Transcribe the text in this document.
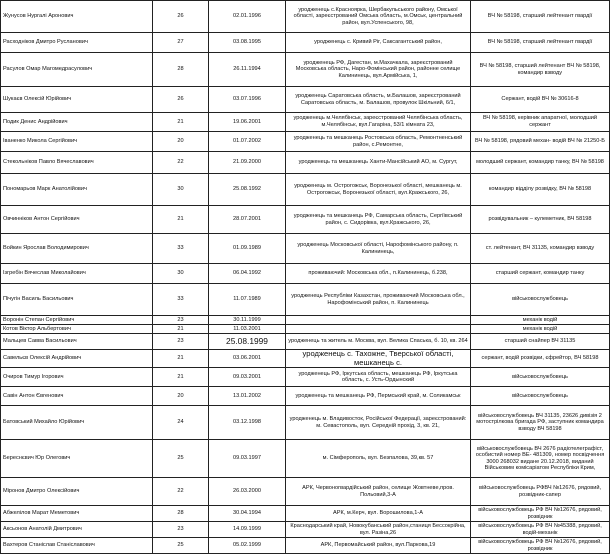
Жунусов Нургалі Аронович	26	02.01.1996	уродженець с.Красноярка, Шербакульського району, Омської області, зареєстрований Омська область, м.Омськ, центральний район, вул.Успенського, 98,	ВЧ № 58198, старший лейтенант гвардії
Расходніков Дмитро Русланович	27	03.08.1995	уродженець с. Кривий Ріг, Саксагантський район,	ВЧ № 58198, старший лейтенант гвардії
Расулов Омар Магомедрасулович	28	26.11.1994	уродженець РФ, Дагестан, м.Махачкала, зареєстрований Московська область, Наро-Фомінський район, районне селище Калининець, вул.Армійська, 1,	ВЧ № 58198, старший лейтенант ВЧ № 58198, командир взводу
Шукаєв Олексій Юрійович	26	03.07.1996	уродженець Саратовська область, м.Балашов, зареєстрований Саратовська область, м. Балашов, провулок Шкільний, 6/1,	Сержант, водій ВЧ № 30616-8
Подик Денис Андрійович	21	19.06.2001	уродженець м.Челябінськ, зареєстрований Челябінська область, м.Челябінськ, вул.Гагаріна, 53/1 кімната 23,	ВЧ № 58198, керівник апаратної, молодший сержант
Іваненко Микола Сергійович	20	01.07.2002	уродженець та мешканець Ростовська область, Ремонтненський район, с.Ремонтне,	ВЧ № 58198, рядовий механ- водій ВЧ № 21250-Б
Стекольніков Павло Вячеславович	22	21.09.2000	уродженець та мешканець Ханти-Мансійський АО, м. Сургут,	молодший сержант, командир танку, ВЧ № 58198
Пономарьов Марк Анатолійович	30	25.08.1992	уродженець м. Острогожськ, Воронезької області, мешканець м. Острогожськ, Воронезької області, вул.Кражського, 26,	командир відділу розвідку, ВЧ № 58198
Овчинніков Антон Сергійович	21	28.07.2001	уродженець та мешканець РФ, Самарська область, Сергіївський район, с. Сидорівка, вул.Кражського, 26,	розвідувальник – кулеметник, ВЧ 58198
Войкин Ярослав Володимирович	33	01.09.1989	уродженець Московської області, Нарофомінського району, п. Калининець,	ст. лейтенант, ВЧ 31135, командир взводу
Ізгребін Вячеслав Миколайович	30	06.04.1992	проживаючий: Московська обл., п.Калининець, б.238,	старший сержант, командир танку
Пічугін Василь Васильович	33	11.07.1989	уродженець Республіки Казахстан, проживаючий Московська обл., Нарофомінський район, п. Калининець	військовослужбовець
Воронін Степан Сергійович	23	30.11.1999		механік водій
Котов Віктор Альбертович	21	11.03.2001		механік водій
Мальцев Савва Васильович	23	25.08.1999	уродженець та житель м. Москва, вул. Велика Спаська, б. 10, кв. 264	старший снайпер ВЧ 31135
Савельєв Олексій Андрійович	21	03.06.2001	уродженець с. Тахожне, Тверської області, мешканець с.	сержант, водій розвідки, єфрейтор, ВЧ 58198
Очиров Тимур Ігорович	21	09.03.2001	уродженець РФ, Іркутська область, мешканець РФ, Іркутська область, с. Усть-Ордынский	військовослужбовець
Савін Антон Євгенович	20	13.01.2002	уродженець та мешканець РФ, Пермський край, м. Соликамськ	військовослужбовець
Батовський Михайло Юрійович	24	03.12.1998	уродженець м. Владивосток, Російської Федерації, зареєстрований: м. Севастополь, вул. Середній прохід, 3, кв. 21,	військовослужбовець ВЧ 31135, 23626 дивізія 2 мотострілкова бригада РФ, заступник командира взводу ВЧ 58198
Береснєвич Юр Олегович	25	09.03.1997	м. Сімферополь, вул. Безпалова, 39,кв. 57	військовослужбовець ВЧ 2676 радіотелеграфіст, особистий номер ВЕ- 481309, номер посвідчення 3000 268032 видане 20.12.2018, виданий Військовим комісаріатом Республіки Крим,
Міронов Дмитро Олексійович	22	26.03.2000	АРК, Червоногвардійський район, селище Жовтневе,пров. Польовий,3-А	військовослужбовець РФВЧ №12676, рядовий, розвідник-сапер
Абжелілов Марат Меметович	28	30.04.1994	АРК, м.Керч, вул. Ворошилова,1-А	військовослужбовець РФ ВЧ №12676, рядовий, розвідник
Аксьонов Анатолій Дмитрович	23	14.09.1999	Краснодарський край, Новокубанський район,станиця Бессокрійна, вул. Разіна,26	військовослужбовець РФ ВЧ №45388, рядовий, водій-механік
Вахтеров Станіслав Станіславович	25	05.02.1999	АРК, Первомайський район, вул.Паркова,19	військовослужбовець РФ ВЧ №12676, рядовий, розвідник
